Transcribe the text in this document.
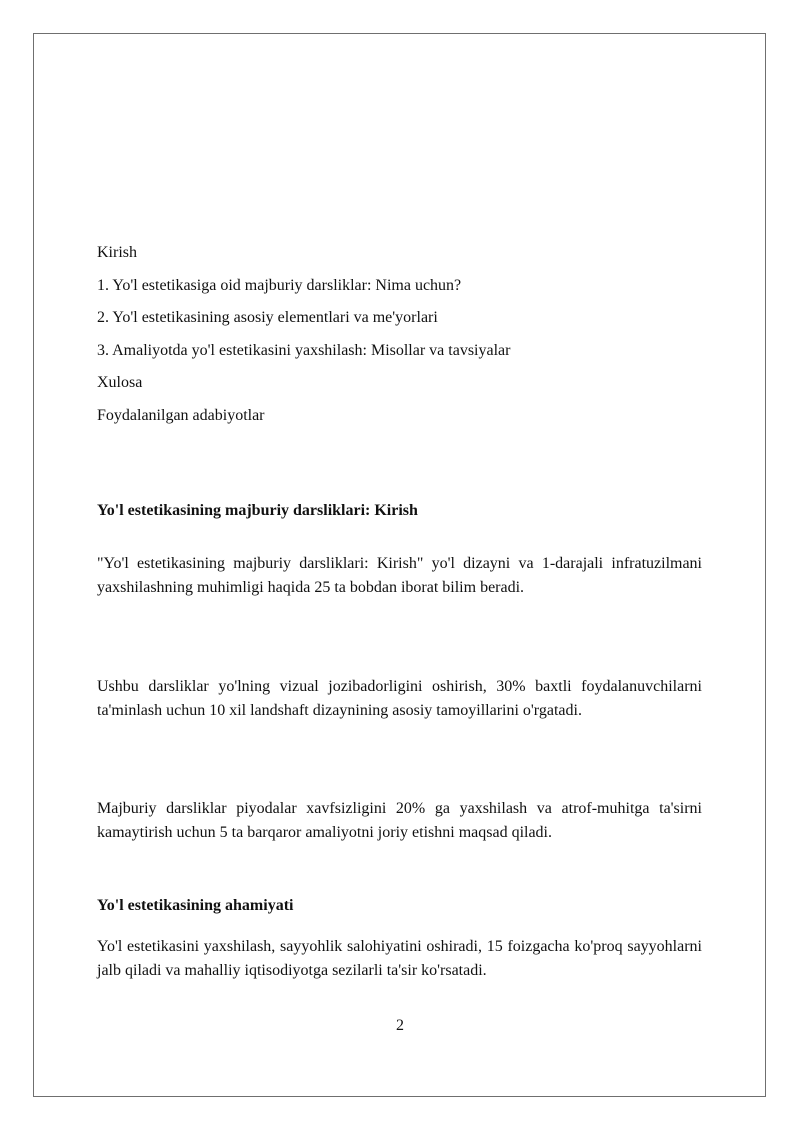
Kirish
1. Yo'l estetikasiga oid majburiy darsliklar: Nima uchun?
2. Yo'l estetikasining asosiy elementlari va me'yorlari
3. Amaliyotda yo'l estetikasini yaxshilash: Misollar va tavsiyalar
Xulosa
Foydalanilgan adabiyotlar
Yo'l estetikasining majburiy darsliklari: Kirish
"Yo'l estetikasining majburiy darsliklari: Kirish" yo'l dizayni va 1-darajali infratuzilmani yaxshilashning muhimligi haqida 25 ta bobdan iborat bilim beradi.
Ushbu darsliklar yo'lning vizual jozibadorligini oshirish, 30% baxtli foydalanuvchilarni ta'minlash uchun 10 xil landshaft dizaynining asosiy tamoyillarini o'rgatadi.
Majburiy darsliklar piyodalar xavfsizligini 20% ga yaxshilash va atrof-muhitga ta'sirni kamaytirish uchun 5 ta barqaror amaliyotni joriy etishni maqsad qiladi.
Yo'l estetikasining ahamiyati
Yo'l estetikasini yaxshilash, sayyohlik salohiyatini oshiradi, 15 foizgacha ko'proq sayyohlarni jalb qiladi va mahalliy iqtisodiyotga sezilarli ta'sir ko'rsatadi.
2
